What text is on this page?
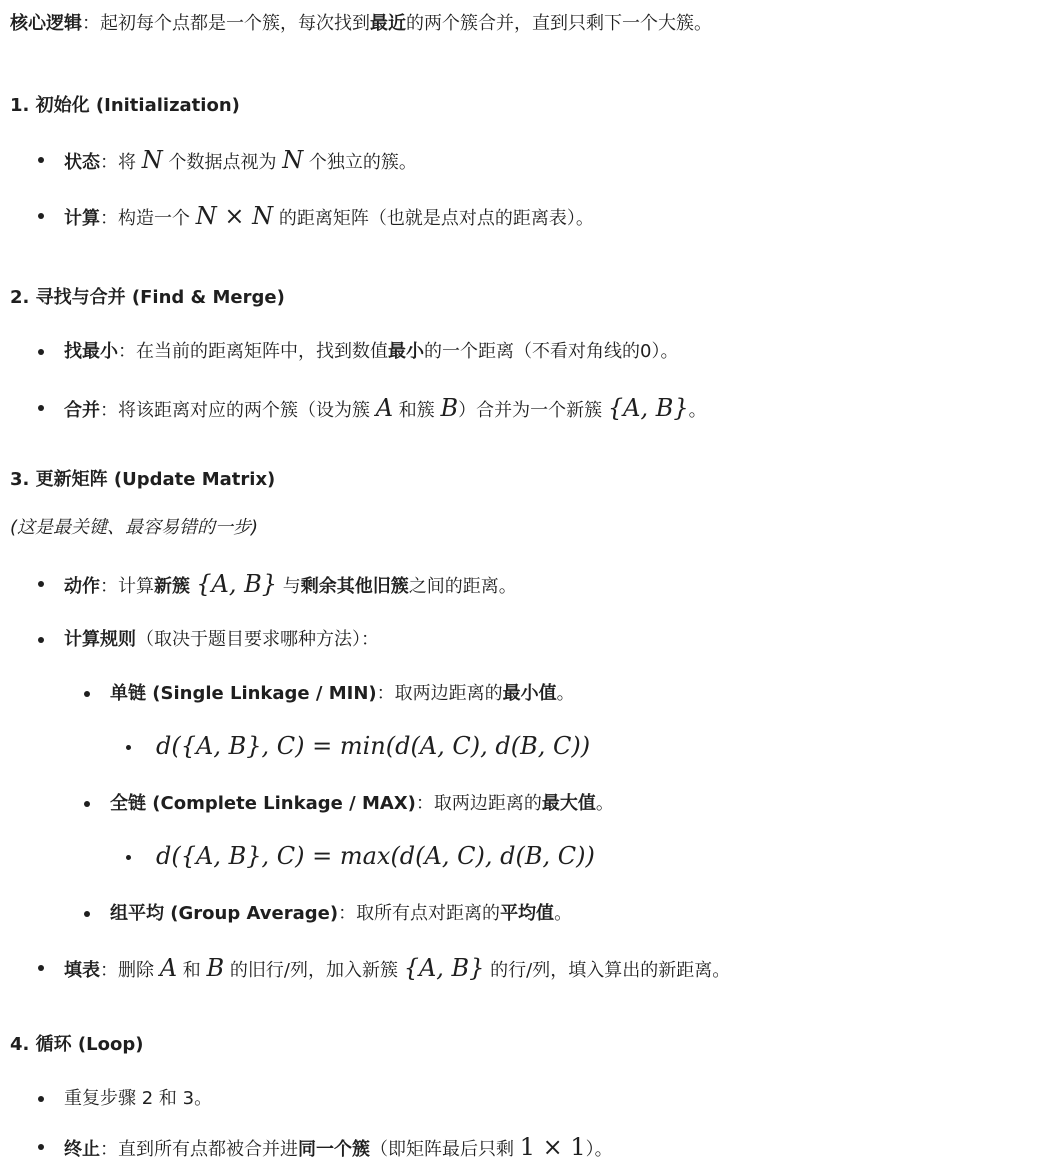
核心逻辑：起初每个点都是一个簇，每次找到最近的两个簇合并，直到只剩下一个大簇。
1. 初始化 (Initialization)
状态：将 N 个数据点视为 N 个独立的簇。
计算：构造一个 N × N 的距离矩阵（也就是点对点的距离表）。
2. 寻找与合并 (Find & Merge)
找最小：在当前的距离矩阵中，找到数值最小的一个距离（不看对角线的0）。
合并：将该距离对应的两个簇（设为簇 A 和簇 B）合并为一个新簇 {A, B}。
3. 更新矩阵 (Update Matrix)
(这是最关键、最容易错的一步)
动作：计算新簇 {A, B} 与剩余其他旧簇之间的距离。
计算规则（取决于题目要求哪种方法）：
单链 (Single Linkage / MIN)：取两边距离的最小值。
d({A, B}, C) = min(d(A, C), d(B, C))
全链 (Complete Linkage / MAX)：取两边距离的最大值。
d({A, B}, C) = max(d(A, C), d(B, C))
组平均 (Group Average)：取所有点对距离的平均值。
填表：删除 A 和 B 的旧行/列，加入新簇 {A, B} 的行/列，填入算出的新距离。
4. 循环 (Loop)
重复步骤 2 和 3。
终止：直到所有点都被合并进同一个簇（即矩阵最后只剩 1 × 1）。
